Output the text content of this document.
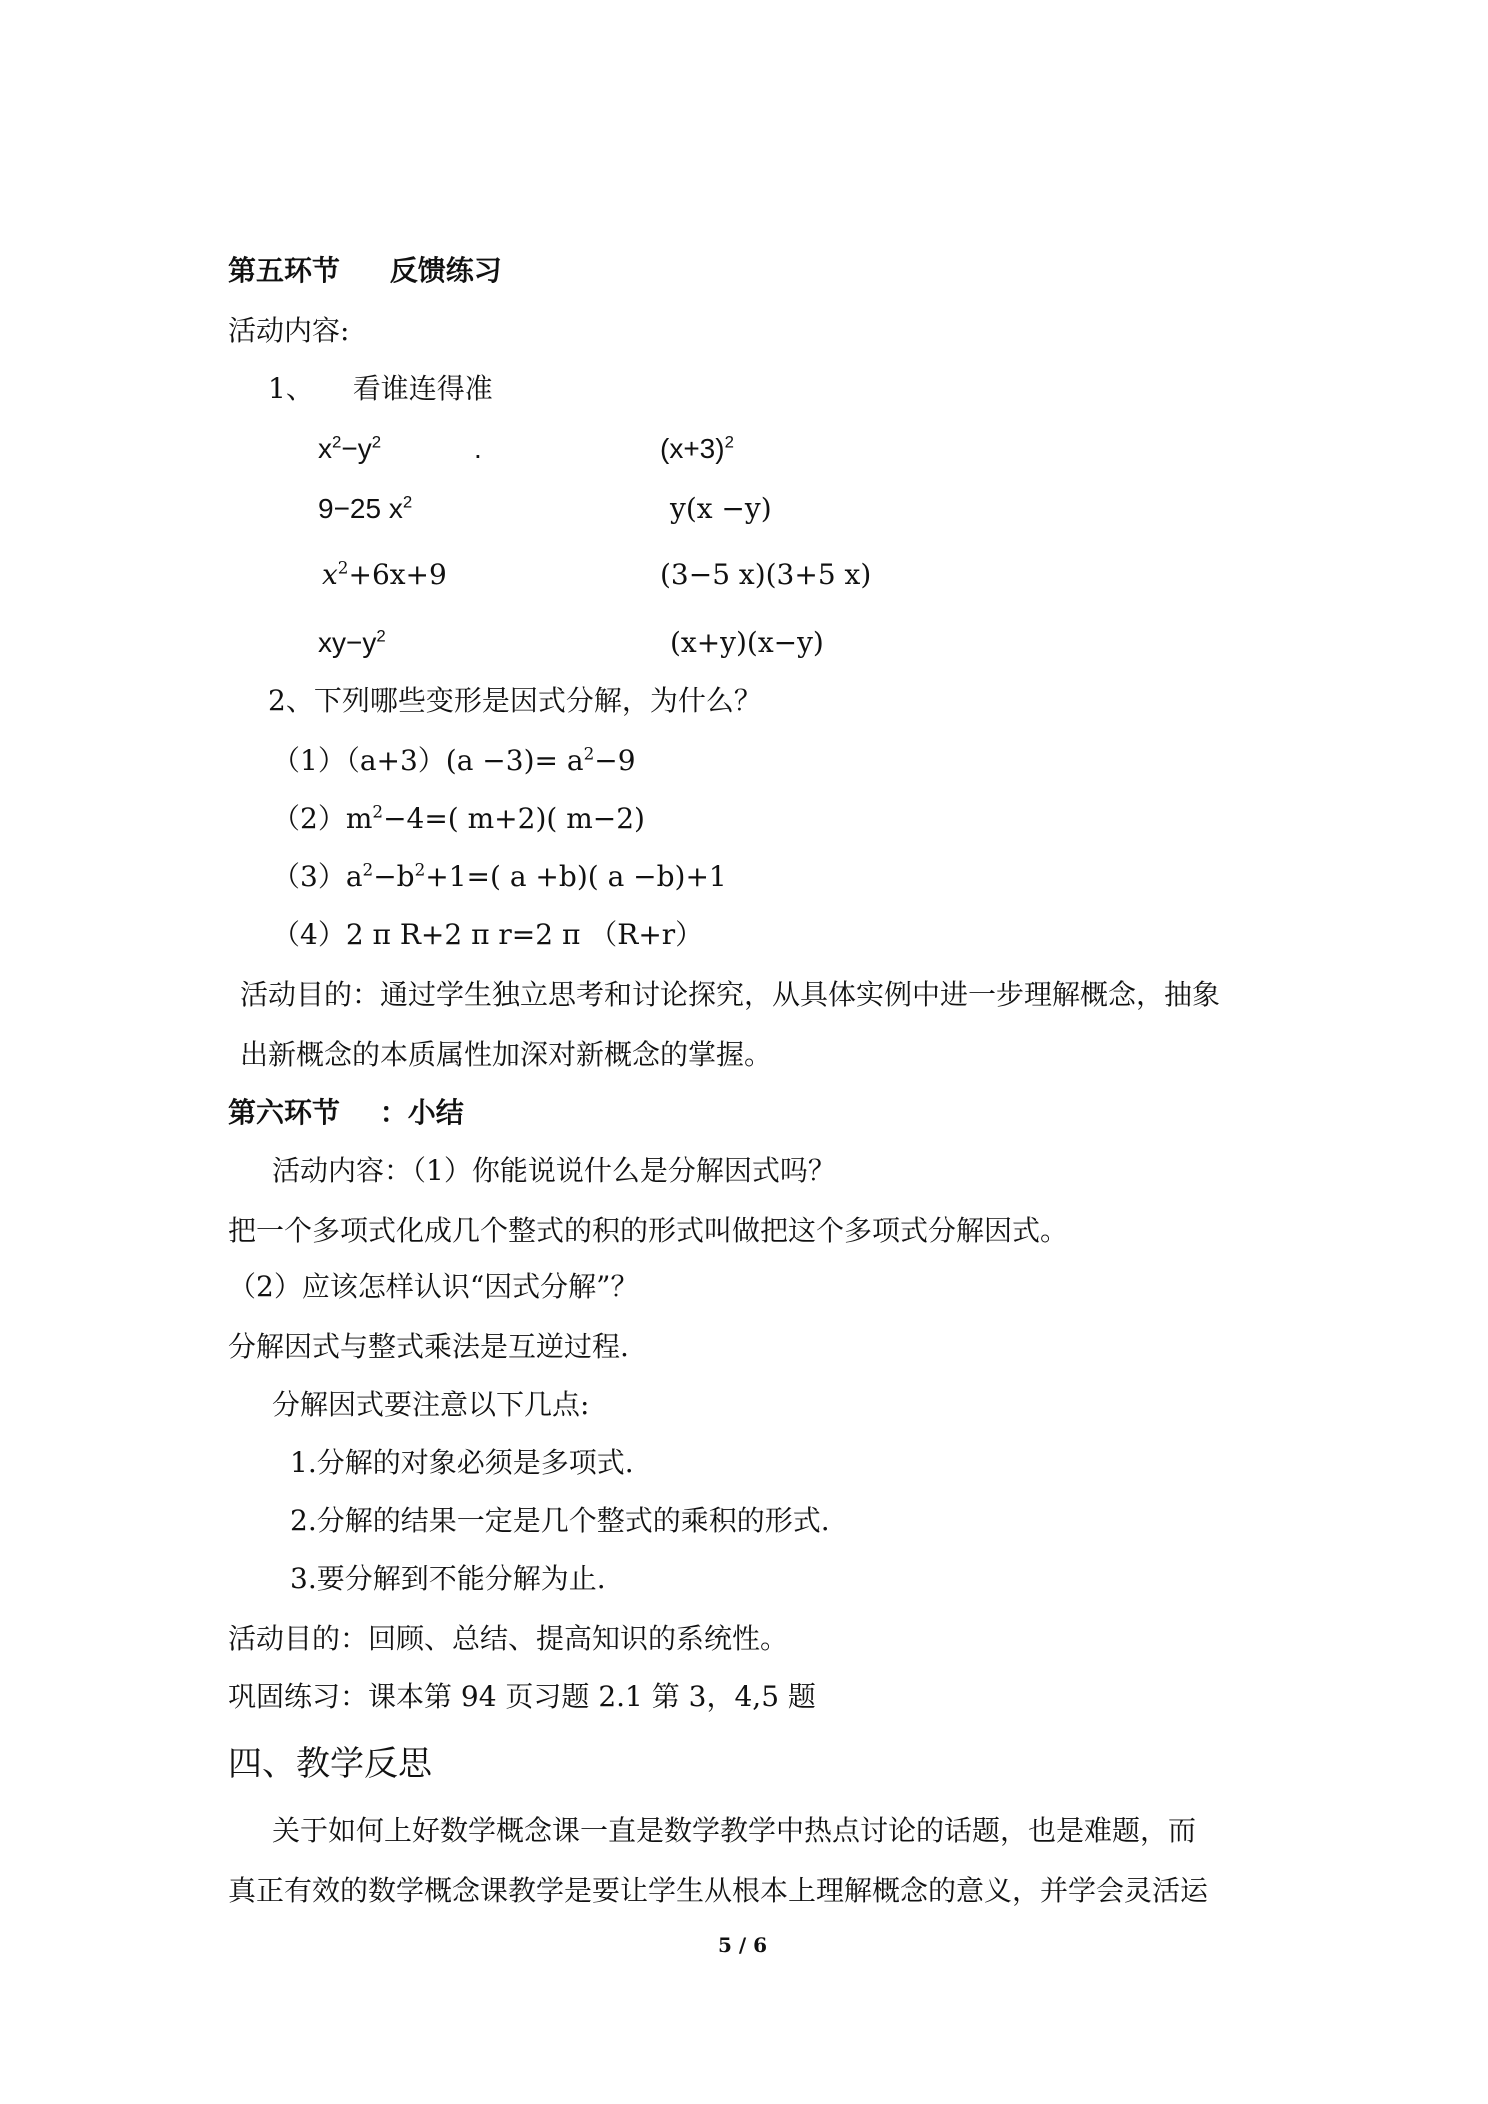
第五环节 反馈练习
活动内容:
1、 看谁连得准
$x^2-y^2$	.
9−25 $x^2$
$x^2+6x+9$
$xy-y^2$
$(x+3)^2$
y(x −y)
(3−5 x)(3+5 x)
(x+y)(x−y)
2、下列哪些变形是因式分解，为什么？
$(1)(a+3)(a -3)= a^2-9$
$(2)m^2-4=$( m+2)( m−2)
$(3)a^2-b^2+1=$( a +b)( a −b)+1
（4）2 π R+2 π r=2 π （R+r）
活动目的：通过学生独立思考和讨论探究，从具体实例中进一步理解概念，抽象
出新概念的本质属性加深对新概念的掌握。
第六环节 ：小结
活动内容：（1）你能说说什么是分解因式吗？
把一个多项式化成几个整式的积的形式叫做把这个多项式分解因式。
（2）应该怎样认识“因式分解”？
分解因式与整式乘法是互逆过程.
分解因式要注意以下几点:
1.分解的对象必须是多项式.
2.分解的结果一定是几个整式的乘积的形式.
3.要分解到不能分解为止.
活动目的：回顾、总结、提高知识的系统性。
巩固练习：课本第 94 页习题 2.1 第 3，4,5 题
四、教学反思
关于如何上好数学概念课一直是数学教学中热点讨论的话题，也是难题，而
真正有效的数学概念课教学是要让学生从根本上理解概念的意义，并学会灵活运
5 / 6
